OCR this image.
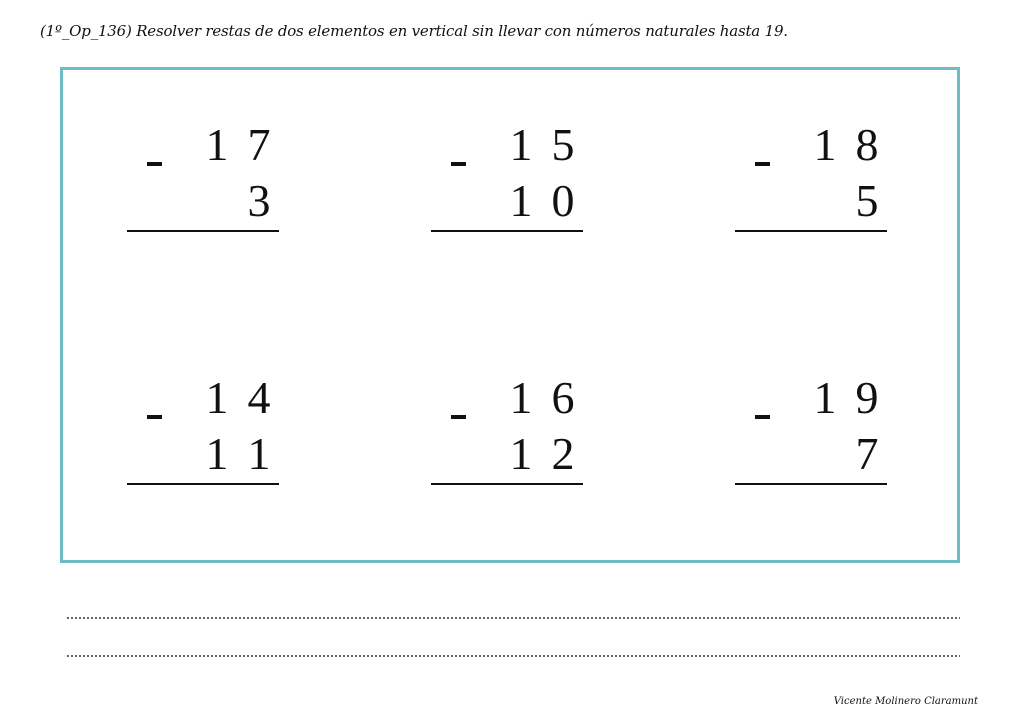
(1º_Op_136) Resolver restas de dos elementos en vertical sin llevar con números naturales hasta 19.
1 7
3
1 5
1 0
1 8
5
1 4
1 1
1 6
1 2
1 9
7
Vicente Molinero Claramunt
